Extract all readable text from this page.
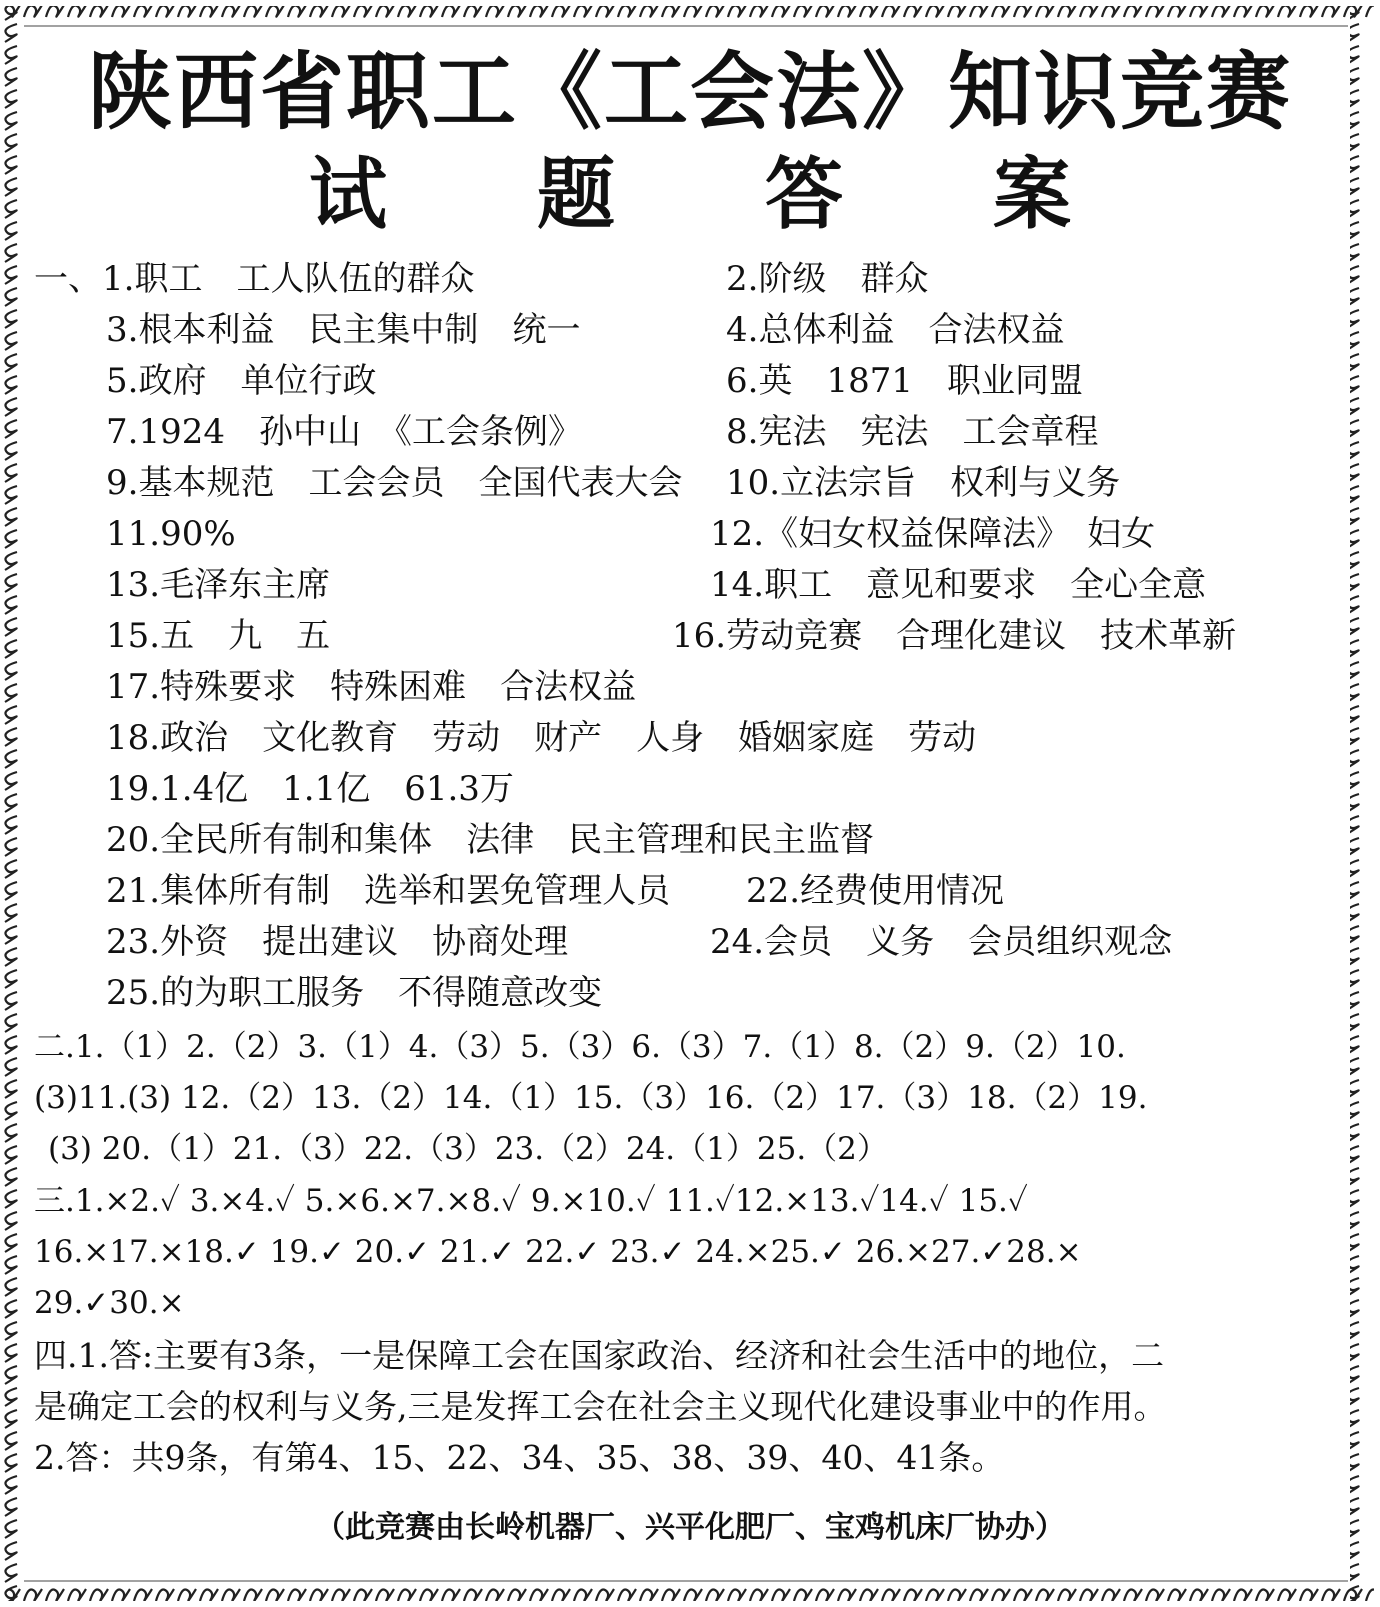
陕西省职工《工会法》知识竞赛
试题答案
一、1.职工　工人队伍的群众	2.阶级　群众
3.根本利益　民主集中制　统一	4.总体利益　合法权益
5.政府　单位行政	6.英　1871　职业同盟
7.1924　孙中山　《工会条例》	8.宪法　宪法　工会章程
9.基本规范　工会会员　全国代表大会 10.立法宗旨　权利与义务
11.90%	12.《妇女权益保障法》　妇女
13.毛泽东主席	14.职工　意见和要求　全心全意
15.五　九　五	16.劳动竞赛　合理化建议　技术革新
17.特殊要求　特殊困难　合法权益
18.政治　文化教育　劳动　财产　人身　婚姻家庭　劳动
19.1.4亿　1.1亿　61.3万
20.全民所有制和集体　法律　民主管理和民主监督
21.集体所有制　选举和罢免管理人员 22.经费使用情况
23.外资　提出建议　协商处理	24.会员　义务　会员组织观念
25.的为职工服务　不得随意改变
二.1.（1）2.（2）3.（1）4.（3）5.（3）6.（3）7.（1）8.（2）9.（2）10.
(3)11.(3) 12.（2）13.（2）14.（1）15.（3）16.（2）17.（3）18.（2）19.
(3) 20.（1）21.（3）22.（3）23.（2）24.（1）25.（2）
三.1.×2.✓ 3.×4.✓ 5.×6.×7.×8.✓ 9.×10.✓ 11.✓12.×13.✓14.✓ 15.✓
16.×17.×18.✓ 19.✓ 20.✓ 21.✓ 22.✓ 23.✓ 24.×25.✓ 26.×27.✓28.×
29.✓30.×
四.1.答:主要有3条，一是保障工会在国家政治、经济和社会生活中的地位，二
是确定工会的权利与义务,三是发挥工会在社会主义现代化建设事业中的作用。
2.答：共9条，有第4、15、22、34、35、38、39、40、41条。
（此竞赛由长岭机器厂、兴平化肥厂、宝鸡机床厂协办）
